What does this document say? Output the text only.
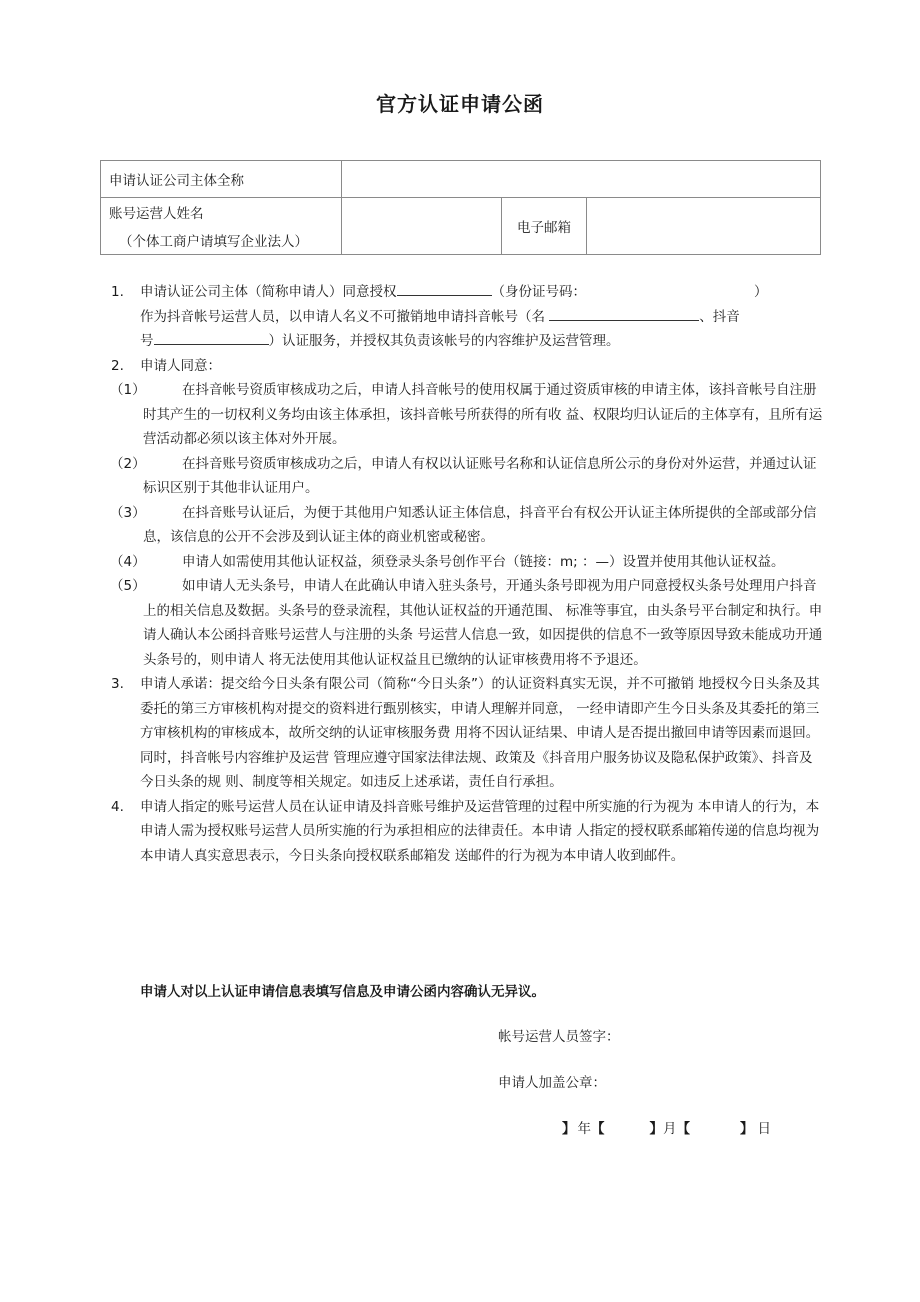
官方认证申请公函
申请认证公司主体全称			
账号运营人姓名
（个体工商户请填写企业法人）		电子邮箱	
1. 申请认证公司主体（简称申请人）同意授权	（身份证号码：	）
作为抖音帐号运营人员，以申请人名义不可撤销地申请抖音帐号（名	、抖音
号	）认证服务，并授权其负责该帐号的内容维护及运营管理。
2. 申请人同意：
（1）	在抖音帐号资质审核成功之后，申请人抖音帐号的使用权属于通过资质审核的申请主体，该抖音帐号自注册时其产生的一切权利义务均由该主体承担，该抖音帐号所获得的所有收 益、权限均归认证后的主体享有，且所有运营活动都必须以该主体对外开展。
（2）	在抖音账号资质审核成功之后，申请人有权以认证账号名称和认证信息所公示的身份对外运营，并通过认证标识区别于其他非认证用户。
（3）	在抖音账号认证后，为便于其他用户知悉认证主体信息，抖音平台有权公开认证主体所提供的全部或部分信息，该信息的公开不会涉及到认证主体的商业机密或秘密。
（4）	申请人如需使用其他认证权益，须登录头条号创作平台（链接：m; ：—）设置并使用其他认证权益。
（5）	如申请人无头条号，申请人在此确认申请入驻头条号，开通头条号即视为用户同意授权头条号处理用户抖音上的相关信息及数据。头条号的登录流程，其他认证权益的开通范围、 标准等事宜，由头条号平台制定和执行。申请人确认本公函抖音账号运营人与注册的头条 号运营人信息一致，如因提供的信息不一致等原因导致未能成功开通头条号的，则申请人 将无法使用其他认证权益且已缴纳的认证审核费用将不予退还。
3. 申请人承诺：提交给今日头条有限公司（简称“今日头条”）的认证资料真实无误，并不可撤销 地授权今日头条及其委托的第三方审核机构对提交的资料进行甄别核实，申请人理解并同意， 一经申请即产生今日头条及其委托的第三方审核机构的审核成本，故所交纳的认证审核服务费 用将不因认证结果、申请人是否提出撤回申请等因素而退回。同时，抖音帐号内容维护及运营 管理应遵守国家法律法规、政策及《抖音用户服务协议及隐私保护政策》、抖音及今日头条的规 则、制度等相关规定。如违反上述承诺，责任自行承担。
4. 申请人指定的账号运营人员在认证申请及抖音账号维护及运营管理的过程中所实施的行为视为 本申请人的行为，本申请人需为授权账号运营人员所实施的行为承担相应的法律责任。本申请 人指定的授权联系邮箱传递的信息均视为本申请人真实意思表示，今日头条向授权联系邮箱发 送邮件的行为视为本申请人收到邮件。
申请人对以上认证申请信息表填写信息及申请公函内容确认无异议。
帐号运营人员签字：
申请人加盖公章：
】 年【	】月【	】 日
